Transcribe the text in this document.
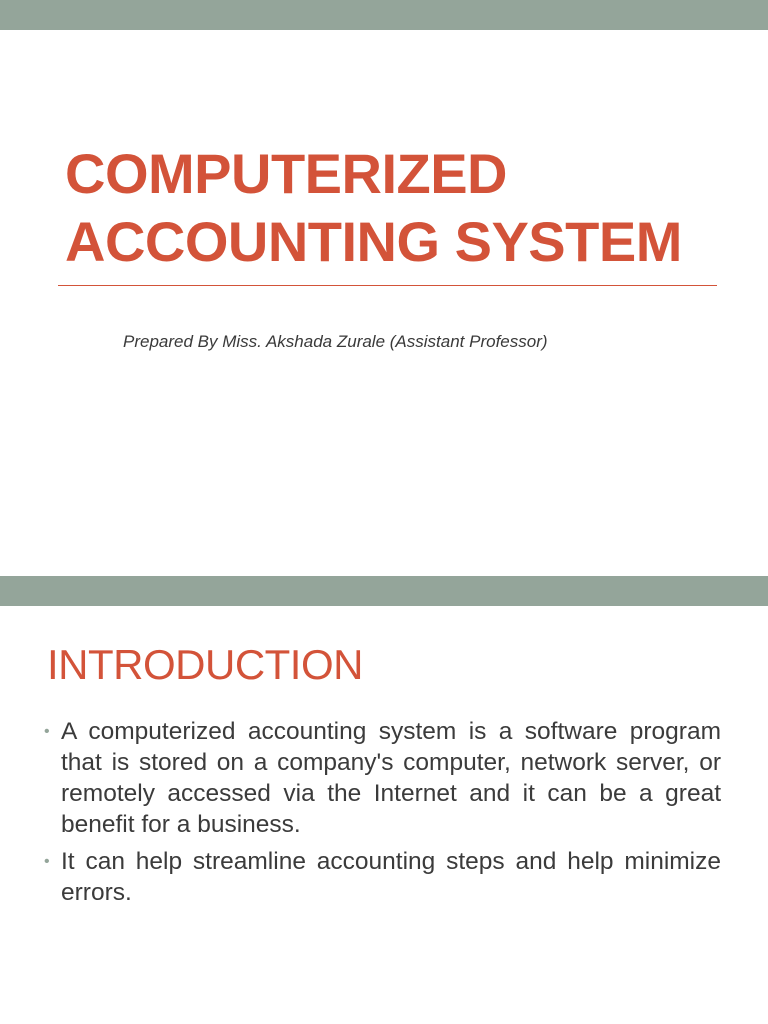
COMPUTERIZED
ACCOUNTING SYSTEM

Prepared By Miss. Akshada Zurale (Assistant Professor)

INTRODUCTION
• A computerized accounting system is a software program that is stored on a company's computer, network server, or remotely accessed via the Internet and it can be a great benefit for a business.
• It can help streamline accounting steps and help minimize errors.
